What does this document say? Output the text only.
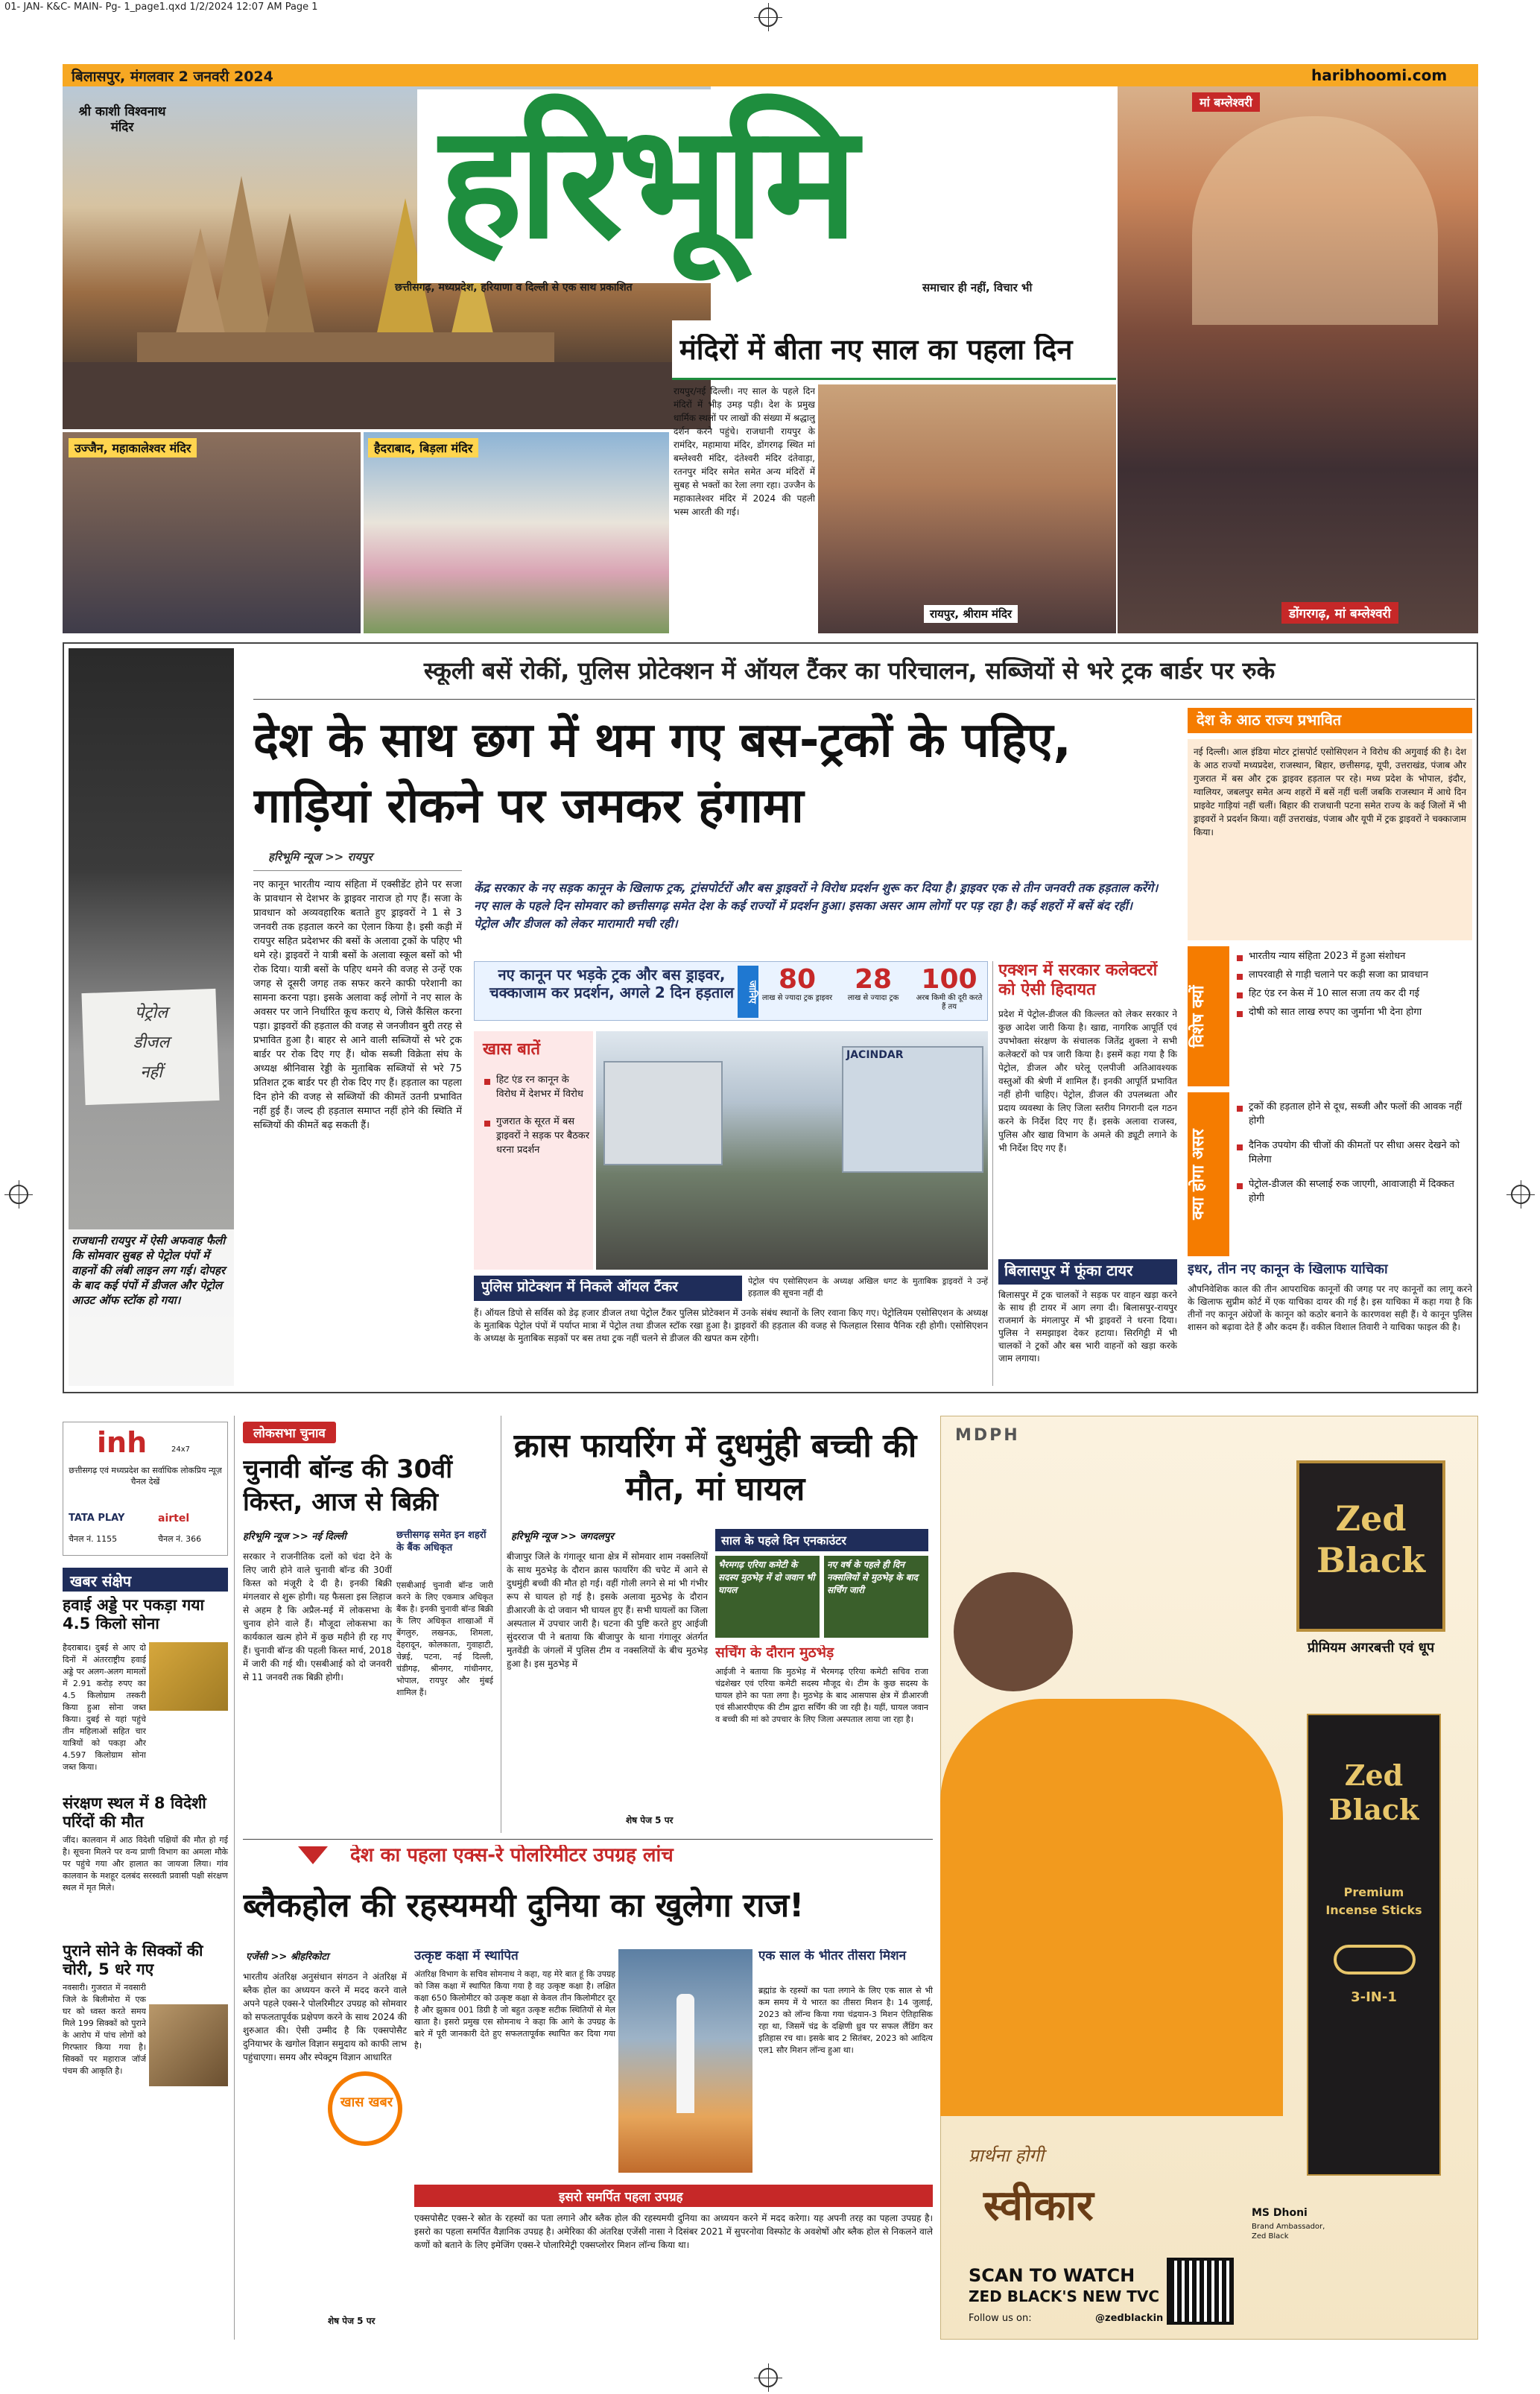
01- JAN- K&C- MAIN- Pg- 1_page1.qxd 1/2/2024 12:07 AM Page 1
बिलासपुर, मंगलवार 2 जनवरी 2024	haribhoomi.com
श्री काशी विश्वनाथ मंदिर हरिभूमि
छत्तीसगढ़, मध्यप्रदेश, हरियाणा व दिल्ली से एक साथ प्रकाशित	समाचार ही नहीं, विचार भी
मां बम्लेश्वरी
डोंगरगढ़, मां बम्लेश्वरी
उज्जैन, महाकालेश्वर मंदिर	हैदराबाद, बिड़ला मंदिर
मंदिरों में बीता नए साल का पहला दिन
रायपुर/नई दिल्ली। नए साल के पहले दिन मंदिरों में भीड़ उमड़ पड़ी। देश के प्रमुख धार्मिक स्थलों पर लाखों की संख्या में श्रद्धालु दर्शन करने पहुंचे। राजधानी रायपुर के रामंदिर, महामाया मंदिर, डोंगरगढ़ स्थित मां बम्लेश्वरी मंदिर, दंतेश्वरी मंदिर दंतेवाड़ा, रतनपुर मंदिर समेत समेत अन्य मंदिरों में सुबह से भक्तों का रेला लगा रहा। उज्जैन के महाकालेश्वर मंदिर में 2024 की पहली भस्म आरती की गई।
रायपुर, श्रीराम मंदिर
स्कूली बसें रोकीं, पुलिस प्रोटेक्शन में ऑयल टैंकर का परिचालन, सब्जियों से भरे ट्रक बार्डर पर रुके
पेट्रोल
डीजल
नहीं
राजधानी रायपुर में ऐसी अफवाह फैली कि सोमवार सुबह से पेट्रोल पंपों में वाहनों की लंबी लाइन लग गई। दोपहर के बाद कई पंपों में डीजल और पेट्रोल आउट ऑफ स्टॉक हो गया।
देश के साथ छग में थम गए बस-ट्रकों के पहिए, गाड़ियां रोकने पर जमकर हंगामा
हरिभूमि न्यूज >> रायपुर
नए कानून भारतीय न्याय संहिता में एक्सीडेंट होने पर सजा के प्रावधान से देशभर के ड्राइवर नाराज हो गए हैं। सजा के प्रावधान को अव्यवहारिक बताते हुए ड्राइवरों ने 1 से 3 जनवरी तक हड़ताल करने का ऐलान किया है। इसी कड़ी में रायपुर सहित प्रदेशभर की बसों के अलावा ट्रकों के पहिए भी थमे रहे। ड्राइवरों ने यात्री बसों के अलावा स्कूल बसों को भी रोक दिया। यात्री बसों के पहिए थमने की वजह से उन्हें एक जगह से दूसरी जगह तक सफर करने काफी परेशानी का सामना करना पड़ा। इसके अलावा कई लोगों ने नए साल के अवसर पर जाने निर्धारित कूच कराए थे, जिसे कैंसिल करना पड़ा। ड्राइवरों की हड़ताल की वजह से जनजीवन बुरी तरह से प्रभावित हुआ है। बाहर से आने वाली सब्जियों से भरे ट्रक बार्डर पर रोक दिए गए हैं। थोक सब्जी विक्रेता संघ के अध्यक्ष श्रीनिवास रेड्डी के मुताबिक सब्जियों से भरे 75 प्रतिशत ट्रक बार्डर पर ही रोक दिए गए हैं। हड़ताल का पहला दिन होने की वजह से सब्जियों की कीमतें उतनी प्रभावित नहीं हुई हैं। जल्द ही हड़ताल समाप्त नहीं होने की स्थिति में सब्जियों की कीमतें बढ़ सकती हैं।
केंद्र सरकार के नए सड़क कानून के खिलाफ ट्रक, ट्रांसपोर्टरों और बस ड्राइवरों ने विरोध प्रदर्शन शुरू कर दिया है। ड्राइवर एक से तीन जनवरी तक हड़ताल करेंगे। नए साल के पहले दिन सोमवार को छत्तीसगढ़ समेत देश के कई राज्यों में प्रदर्शन हुआ। इसका असर आम लोगों पर पड़ रहा है। कई शहरों में बसें बंद रहीं। पेट्रोल और डीजल को लेकर मारामारी मची रही।
नए कानून पर भड़के ट्रक और बस ड्राइवर, चक्काजाम कर प्रदर्शन, अगले 2 दिन हड़ताल	जानिए 80
लाख से ज्यादा ट्रक ड्राइवर
28
लाख से ज्यादा ट्रक
100
अरब किमी की दूरी करते हैं तय
खास बातें
हिट एंड रन कानून के विरोध में देशभर में विरोध
गुजरात के सूरत में बस ड्राइवरों ने सड़क पर बैठकर धरना प्रदर्शन
JACINDAR
पुलिस प्रोटेक्शन में निकले ऑयल टैंकर
हैं। ऑयल डिपो से सर्विस को डेढ़ हजार डीजल तथा पेट्रोल टैंकर पुलिस प्रोटेक्शन में उनके संबंध स्थानों के लिए रवाना किए गए। पेट्रोलियम एसोसिएशन के अध्यक्ष के मुताबिक पेट्रोल पंपों में पर्याप्त मात्रा में पेट्रोल तथा डीजल स्टॉक रखा हुआ है। ड्राइवरों की हड़ताल की वजह से फिलहाल रिसाव पैनिक रही होगी। एसोसिएशन के अध्यक्ष के मुताबिक सड़कों पर बस तथा ट्रक नहीं चलने से डीजल की खपत कम रहेगी।
पेट्रोल पंप एसोसिएशन के अध्यक्ष अखिल धगट के मुताबिक ड्राइवरों ने उन्हें हड़ताल की सूचना नहीं दी
एक्शन में सरकार कलेक्टरों को ऐसी हिदायत
प्रदेश में पेट्रोल-डीजल की किल्लत को लेकर सरकार ने कुछ आदेश जारी किया है। खाद्य, नागरिक आपूर्ति एवं उपभोक्ता संरक्षण के संचालक जितेंद्र शुक्ला ने सभी कलेक्टरों को पत्र जारी किया है। इसमें कहा गया है कि पेट्रोल, डीजल और घरेलू एलपीजी अतिआवश्यक वस्तुओं की श्रेणी में शामिल हैं। इनकी आपूर्ति प्रभावित नहीं होनी चाहिए। पेट्रोल, डीजल की उपलब्धता और प्रदाय व्यवस्था के लिए जिला स्तरीय निगरानी दल गठन करने के निर्देश दिए गए हैं। इसके अलावा राजस्व, पुलिस और खाद्य विभाग के अमले की ड्यूटी लगाने के भी निर्देश दिए गए हैं।
बिलासपुर में फूंका टायर
बिलासपुर में ट्रक चालकों ने सड़क पर वाहन खड़ा करने के साथ ही टायर में आग लगा दी। बिलासपुर-रायपुर राजमार्ग के मंगलापुर में भी ड्राइवरों ने धरना दिया। पुलिस ने समझाइश देकर हटाया। सिरगिट्टी में भी चालकों ने ट्रकों और बस भारी वाहनों को खड़ा करके जाम लगाया।
देश के आठ राज्य प्रभावित
नई दिल्ली। आल इंडिया मोटर ट्रांसपोर्ट एसोसिएशन ने विरोध की अगुवाई की है। देश के आठ राज्यों मध्यप्रदेश, राजस्थान, बिहार, छत्तीसगढ़, यूपी, उत्तराखंड, पंजाब और गुजरात में बस और ट्रक ड्राइवर हड़ताल पर रहे। मध्य प्रदेश के भोपाल, इंदौर, ग्वालियर, जबलपुर समेत अन्य शहरों में बसें नहीं चलीं जबकि राजस्थान में आधे दिन प्राइवेट गाड़ियां नहीं चलीं। बिहार की राजधानी पटना समेत राज्य के कई जिलों में भी ड्राइवरों ने प्रदर्शन किया। वहीं उत्तराखंड, पंजाब और यूपी में ट्रक ड्राइवरों ने चक्काजाम किया।
विशेष क्यों
भारतीय न्याय संहिता 2023 में हुआ संशोधन
लापरवाही से गाड़ी चलाने पर कड़ी सजा का प्रावधान
हिट एंड रन केस में 10 साल सजा तय कर दी गई
दोषी को सात लाख रुपए का जुर्माना भी देना होगा
क्या होगा असर
ट्रकों की हड़ताल होने से दूध, सब्जी और फलों की आवक नहीं होगी
दैनिक उपयोग की चीजों की कीमतों पर सीधा असर देखने को मिलेगा
पेट्रोल-डीजल की सप्लाई रुक जाएगी, आवाजाही में दिक्कत होगी
इधर, तीन नए कानून के खिलाफ याचिका
औपनिवेशिक काल की तीन आपराधिक कानूनों की जगह पर नए कानूनों का लागू करने के खिलाफ सुप्रीम कोर्ट में एक याचिका दायर की गई है। इस याचिका में कहा गया है कि तीनों नए कानून अंग्रेजों के कानून को कठोर बनाने के कारणवश सही हैं। ये कानून पुलिस शासन को बढ़ावा देते हैं और कदम हैं। वकील विशाल तिवारी ने याचिका फाइल की है।
inh	24x7
छत्तीसगढ़ एवं मध्यप्रदेश का सर्वाधिक लोकप्रिय न्यूज़ चैनल देखें
TATA PLAY	airtel
चैनल नं. 1155	चैनल नं. 366
खबर संक्षेप
हवाई अड्डे पर पकड़ा गया 4.5 किलो सोना
हैदराबाद। दुबई से आए दो दिनों में अंतरराष्ट्रीय हवाई अड्डे पर अलग-अलग मामलों में 2.91 करोड़ रुपए का 4.5 किलोग्राम तस्करी किया हुआ सोना जब्त किया। दुबई से यहां पहुंचे तीन महिलाओं सहित चार यात्रियों को पकड़ा और 4.597 किलोग्राम सोना जब्त किया।
संरक्षण स्थल में 8 विदेशी परिंदों की मौत
जींद। कालवान में आठ विदेशी पक्षियों की मौत हो गई है। सूचना मिलने पर वन्य प्राणी विभाग का अमला मौके पर पहुंचे गया और हालात का जायजा लिया। गांव कालवान के मशहूर दलबंद सरस्वती प्रवासी पक्षी संरक्षण स्थल में मृत मिले।
पुराने सोने के सिक्कों की चोरी, 5 धरे गए
नवसारी। गुजरात में नवसारी जिले के बिलीमोरा में एक घर को ध्वस्त करते समय मिले 199 सिक्कों को पुराने के आरोप में पांच लोगों को गिरफ्तार किया गया है। सिक्कों पर महाराज जॉर्ज पंचम की आकृति है।
लोकसभा चुनाव
चुनावी बॉन्ड की 30वीं किस्त, आज से बिक्री
हरिभूमि न्यूज >> नई दिल्ली
सरकार ने राजनीतिक दलों को चंदा देने के लिए जारी होने वाले चुनावी बॉन्ड की 30वीं किस्त को मंजूरी दे दी है। इनकी बिक्री मंगलवार से शुरू होगी। यह फैसला इस लिहाज से अहम है कि अप्रैल-मई में लोकसभा के चुनाव होने वाले हैं। मौजूदा लोकसभा का कार्यकाल खत्म होने में कुछ महीने ही रह गए हैं। चुनावी बॉन्ड की पहली किस्त मार्च, 2018 में जारी की गई थी। एसबीआई को दो जनवरी से 11 जनवरी तक बिक्री होगी।
छत्तीसगढ़ समेत इन शहरों के बैंक अधिकृत
एसबीआई चुनावी बॉन्ड जारी करने के लिए एकमात्र अधिकृत बैंक है। इनकी चुनावी बॉन्ड बिक्री के लिए अधिकृत शाखाओं में बेंगलुरु, लखनऊ, शिमला, देहरादून, कोलकाता, गुवाहाटी, चेन्नई, पटना, नई दिल्ली, चंडीगढ़, श्रीनगर, गांधीनगर, भोपाल, रायपुर और मुंबई शामिल हैं।
क्रास फायरिंग में दुधमुंही बच्ची की मौत, मां घायल
हरिभूमि न्यूज >> जगदलपुर
बीजापुर जिले के गंगालूर थाना क्षेत्र में सोमवार शाम नक्सलियों के साथ मुठभेड़ के दौरान क्रास फायरिंग की चपेट में आने से दुधमुंही बच्ची की मौत हो गई। वहीं गोली लगने से मां भी गंभीर रूप से घायल हो गई है। इसके अलावा मुठभेड़ के दौरान डीआरजी के दो जवान भी घायल हुए हैं। सभी घायलों का जिला अस्पताल में उपचार जारी है। घटना की पुष्टि करते हुए आईजी सुंदरराज पी ने बताया कि बीजापुर के थाना गंगालूर अंतर्गत मुतवेंडी के जंगलों में पुलिस टीम व नक्सलियों के बीच मुठभेड़ हुआ है। इस मुठभेड़ में
शेष पेज 5 पर
साल के पहले दिन एनकाउंटर
भैरमगढ़ एरिया कमेटी के सदस्य मुठभेड़ में दो जवान भी घायल
नए वर्ष के पहले ही दिन नक्सलियों से मुठभेड़ के बाद सर्चिंग जारी
सर्चिंग के दौरान मुठभेड़
आईजी ने बताया कि मुठभेड़ में भैरमगढ़ एरिया कमेटी सचिव राजा चंद्रशेखर एवं एरिया कमेटी सदस्य मौजूद थे। टीम के कुछ सदस्य के घायल होने का पता लगा है। मुठभेड़ के बाद आसपास क्षेत्र में डीआरजी एवं सीआरपीएफ की टीम द्वारा सर्चिंग की जा रही है। यहीं, घायल जवान व बच्ची की मां को उपचार के लिए जिला अस्पताल लाया जा रहा है।
देश का पहला एक्स-रे पोलरिमीटर उपग्रह लांच
ब्लैकहोल की रहस्यमयी दुनिया का खुलेगा राज!
एजेंसी >> श्रीहरिकोटा
भारतीय अंतरिक्ष अनुसंधान संगठन ने अंतरिक्ष में ब्लैक होल का अध्ययन करने में मदद करने वाले अपने पहले एक्स-रे पोलरिमीटर उपग्रह को सोमवार को सफलतापूर्वक प्रक्षेपण करने के साथ 2024 की शुरुआत की। ऐसी उम्मीद है कि एक्सपोसैट दुनियाभर के खगोल विज्ञान समुदाय को काफी लाभ पहुंचाएगा। समय और स्पेक्ट्रम विज्ञान आधारित
खास खबर
शेष पेज 5 पर
उत्कृष्ट कक्षा में स्थापित
अंतरिक्ष विभाग के सचिव सोमनाथ ने कहा, यह मेरे बात हूं कि उपग्रह को जिस कक्षा में स्थापित किया गया है वह उत्कृष्ट कक्षा है। लक्षित कक्षा 650 किलोमीटर को उत्कृष्ट कक्षा से केवल तीन किलोमीटर दूर है और झुकाव 001 डिग्री है जो बहुत उत्कृष्ट सटीक स्थितियों से मेल खाता है। इसरो प्रमुख एस सोमनाथ ने कहा कि आगे के उपग्रह के बारे में पूरी जानकारी देते हुए सफलतापूर्वक स्थापित कर दिया गया है।
एक साल के भीतर तीसरा मिशन
ब्रह्मांड के रहस्यों का पता लगाने के लिए एक साल से भी कम समय में ये भारत का तीसरा मिशन है। 14 जुलाई, 2023 को लॉन्च किया गया चंद्रयान-3 मिशन ऐतिहासिक रहा था, जिसमें चंद्र के दक्षिणी ध्रुव पर सफल लैंडिंग कर इतिहास रच था। इसके बाद 2 सितंबर, 2023 को आदित्य एल1 सौर मिशन लॉन्च हुआ था।
इसरो समर्पित पहला उपग्रह
एक्सपोसैट एक्स-रे स्रोत के रहस्यों का पता लगाने और ब्लैक होल की रहस्यमयी दुनिया का अध्ययन करने में मदद करेगा। यह अपनी तरह का पहला उपग्रह है। इसरो का पहला समर्पित वैज्ञानिक उपग्रह है। अमेरिका की अंतरिक्ष एजेंसी नासा ने दिसंबर 2021 में सुपरनोवा विस्फोट के अवशेषों और ब्लैक होल से निकलने वाले कणों को बताने के लिए इमेजिंग एक्स-रे पोलारिमेट्री एक्सप्लोरर मिशन लॉन्च किया था।
MDPH
Zed Black
प्रीमियम अगरबत्ती एवं धूप
Zed Black
Premium
Incense Sticks
3-IN-1
प्रार्थना होगी
स्वीकार
SCAN TO WATCH
ZED BLACK'S NEW TVC
Follow us on:	@zedblackin
MS Dhoni
Brand Ambassador, Zed Black
